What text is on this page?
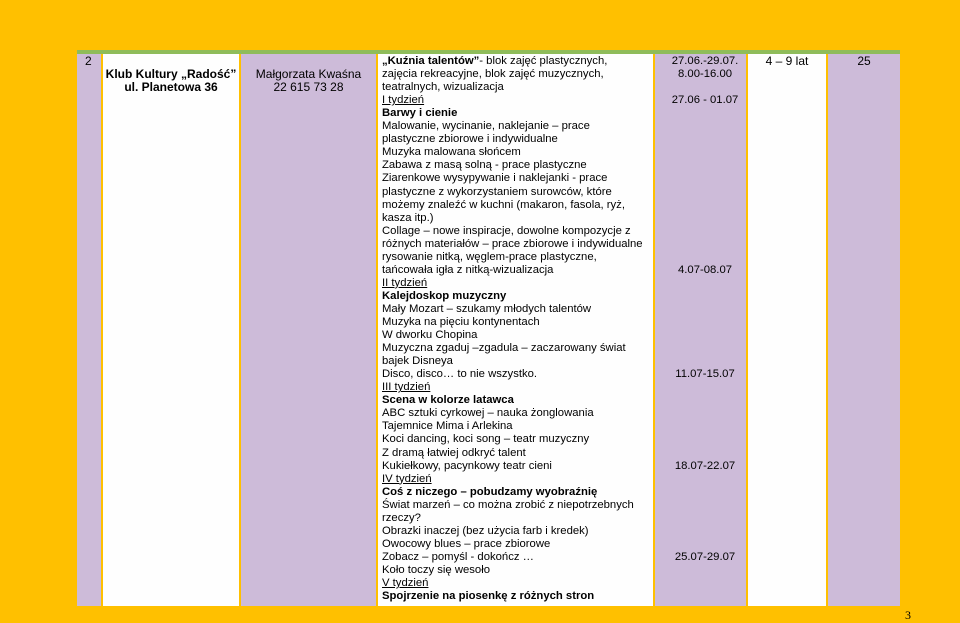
2
Klub Kultury „Radość”
ul. Planetowa 36
Małgorzata Kwaśna
22 615 73 28
4 – 9 lat	25
„Kuźnia talentów”- blok zajęć plastycznych,
zajęcia rekreacyjne, blok zajęć muzycznych,
teatralnych, wizualizacja
I tydzień
Barwy i cienie
Malowanie, wycinanie, naklejanie – prace
plastyczne zbiorowe i indywidualne
Muzyka malowana słońcem
Zabawa z masą solną - prace plastyczne
Ziarenkowe wysypywanie i naklejanki - prace
plastyczne z wykorzystaniem surowców, które
możemy znaleźć w kuchni (makaron, fasola, ryż,
kasza itp.)
Collage – nowe inspiracje, dowolne kompozycje z
różnych materiałów – prace zbiorowe i indywidualne
rysowanie nitką, węglem-prace plastyczne,
tańcowała igła z nitką-wizualizacja
II tydzień
Kalejdoskop muzyczny
Mały Mozart – szukamy młodych talentów
Muzyka na pięciu kontynentach
W dworku Chopina
Muzyczna zgaduj –zgadula – zaczarowany świat
bajek Disneya
Disco, disco… to nie wszystko.
III tydzień
Scena w kolorze latawca
ABC sztuki cyrkowej – nauka żonglowania
Tajemnice Mima i Arlekina
Koci dancing, koci song – teatr muzyczny
Z dramą łatwiej odkryć talent
Kukiełkowy, pacynkowy teatr cieni
IV tydzień
Coś z niczego – pobudzamy wyobraźnię
Świat marzeń – co można zrobić z niepotrzebnych
rzeczy?
Obrazki inaczej (bez użycia farb i kredek)
Owocowy blues – prace zbiorowe
Zobacz – pomyśl - dokończ …
Koło toczy się wesoło
V tydzień
Spojrzenie na piosenkę z różnych stron
27.06.-29.07.
8.00-16.00
27.06 - 01.07
4.07-08.07
11.07-15.07
18.07-22.07
25.07-29.07
3
